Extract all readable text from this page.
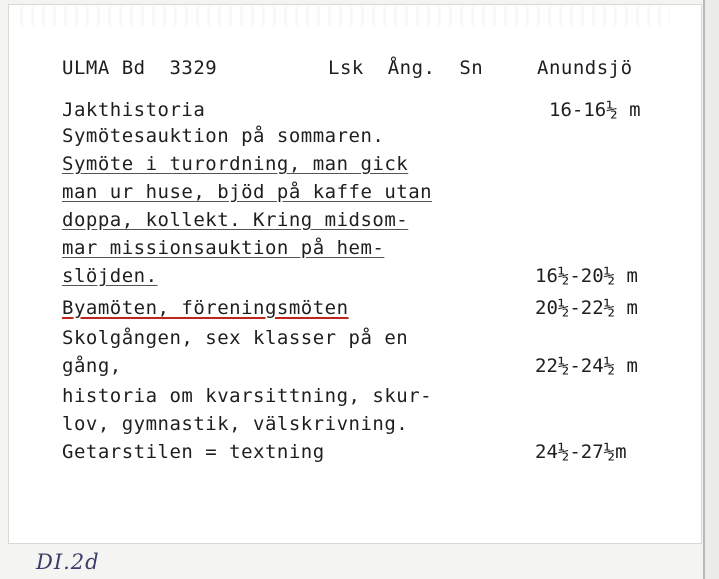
ULMA Bd  3329	Lsk  Ång.  Sn	Anundsjö
Jakthistoria	16-16½ m
Symötesauktion på sommaren.
Symöte i turordning, man gick
man ur huse, bjöd på kaffe utan
doppa, kollekt. Kring midsom-
mar missionsauktion på hem-
slöjden.	16½-20½ m
Byamöten, föreningsmöten	20½-22½ m
Skolgången, sex klasser på en
gång,	22½-24½ m
historia om kvarsittning, skur-
lov, gymnastik, välskrivning.
Getarstilen = textning	24½-27½m
DI.2d
